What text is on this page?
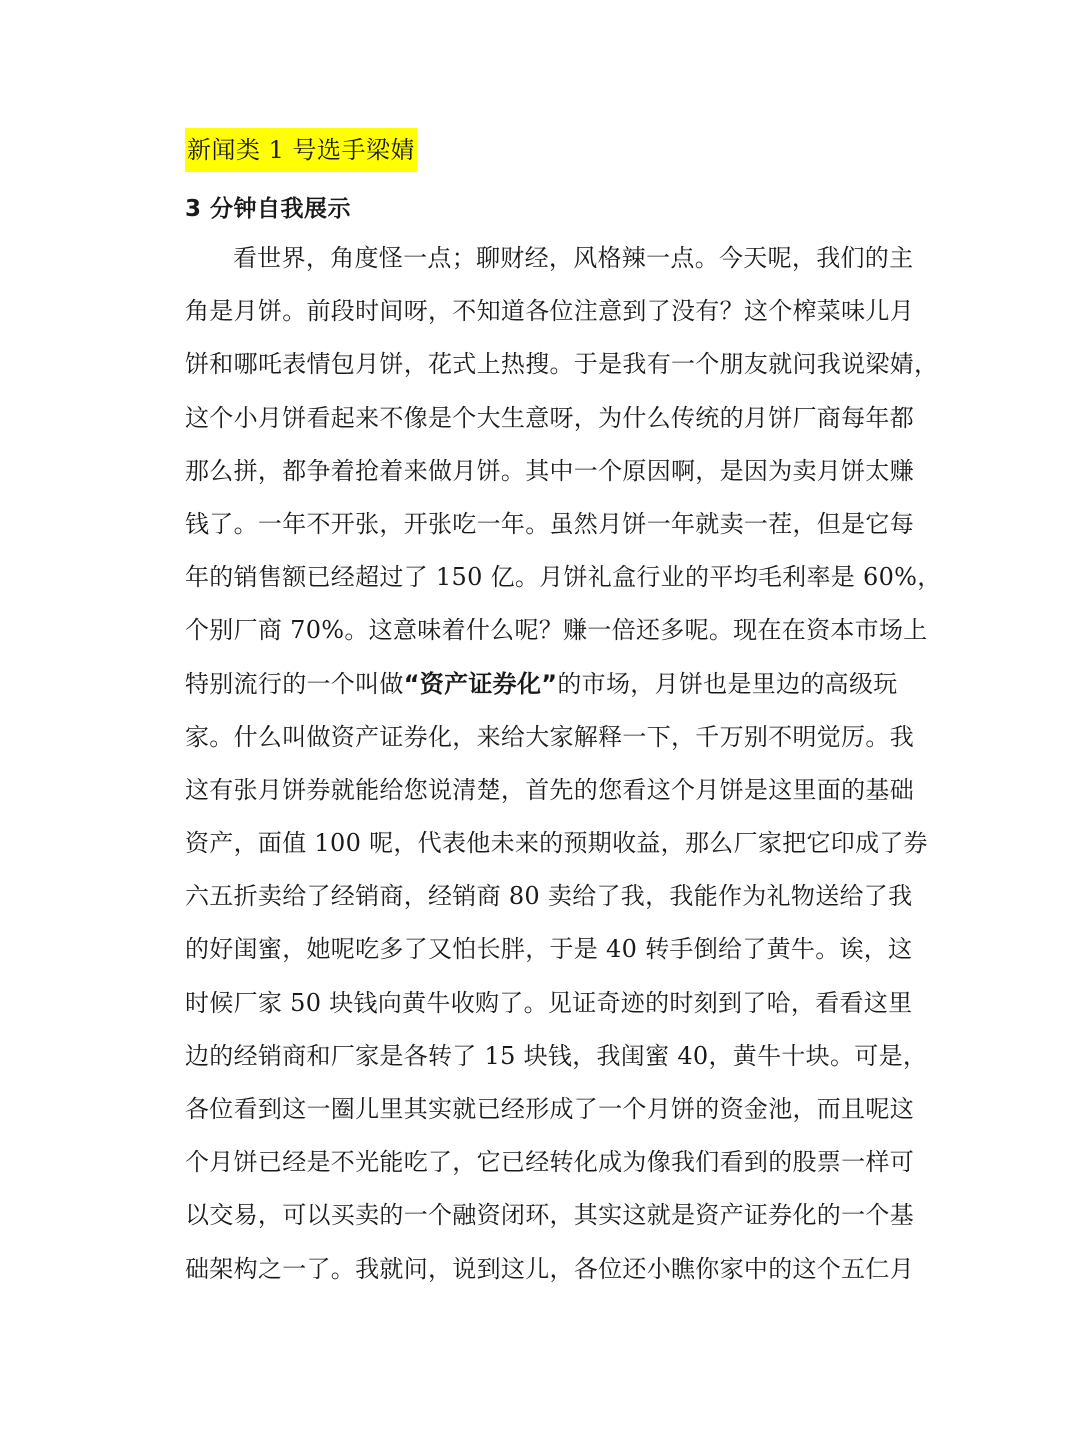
新闻类 1 号选手梁婧
3 分钟自我展示
看世界，角度怪一点；聊财经，风格辣一点。今天呢，我们的主
角是月饼。前段时间呀，不知道各位注意到了没有？这个榨菜味儿月
饼和哪吒表情包月饼，花式上热搜。于是我有一个朋友就问我说梁婧，
这个小月饼看起来不像是个大生意呀，为什么传统的月饼厂商每年都
那么拼，都争着抢着来做月饼。其中一个原因啊，是因为卖月饼太赚
钱了。一年不开张，开张吃一年。虽然月饼一年就卖一茬，但是它每
年的销售额已经超过了 150 亿。月饼礼盒行业的平均毛利率是 60%，
个别厂商 70%。这意味着什么呢？赚一倍还多呢。现在在资本市场上
特别流行的一个叫做“资产证券化”的市场，月饼也是里边的高级玩
家。什么叫做资产证券化，来给大家解释一下，千万别不明觉厉。我
这有张月饼券就能给您说清楚，首先的您看这个月饼是这里面的基础
资产，面值 100 呢，代表他未来的预期收益，那么厂家把它印成了券
六五折卖给了经销商，经销商 80 卖给了我，我能作为礼物送给了我
的好闺蜜，她呢吃多了又怕长胖，于是 40 转手倒给了黄牛。诶，这
时候厂家 50 块钱向黄牛收购了。见证奇迹的时刻到了哈，看看这里
边的经销商和厂家是各转了 15 块钱，我闺蜜 40，黄牛十块。可是，
各位看到这一圈儿里其实就已经形成了一个月饼的资金池，而且呢这
个月饼已经是不光能吃了，它已经转化成为像我们看到的股票一样可
以交易，可以买卖的一个融资闭环，其实这就是资产证券化的一个基
础架构之一了。我就问，说到这儿，各位还小瞧你家中的这个五仁月
